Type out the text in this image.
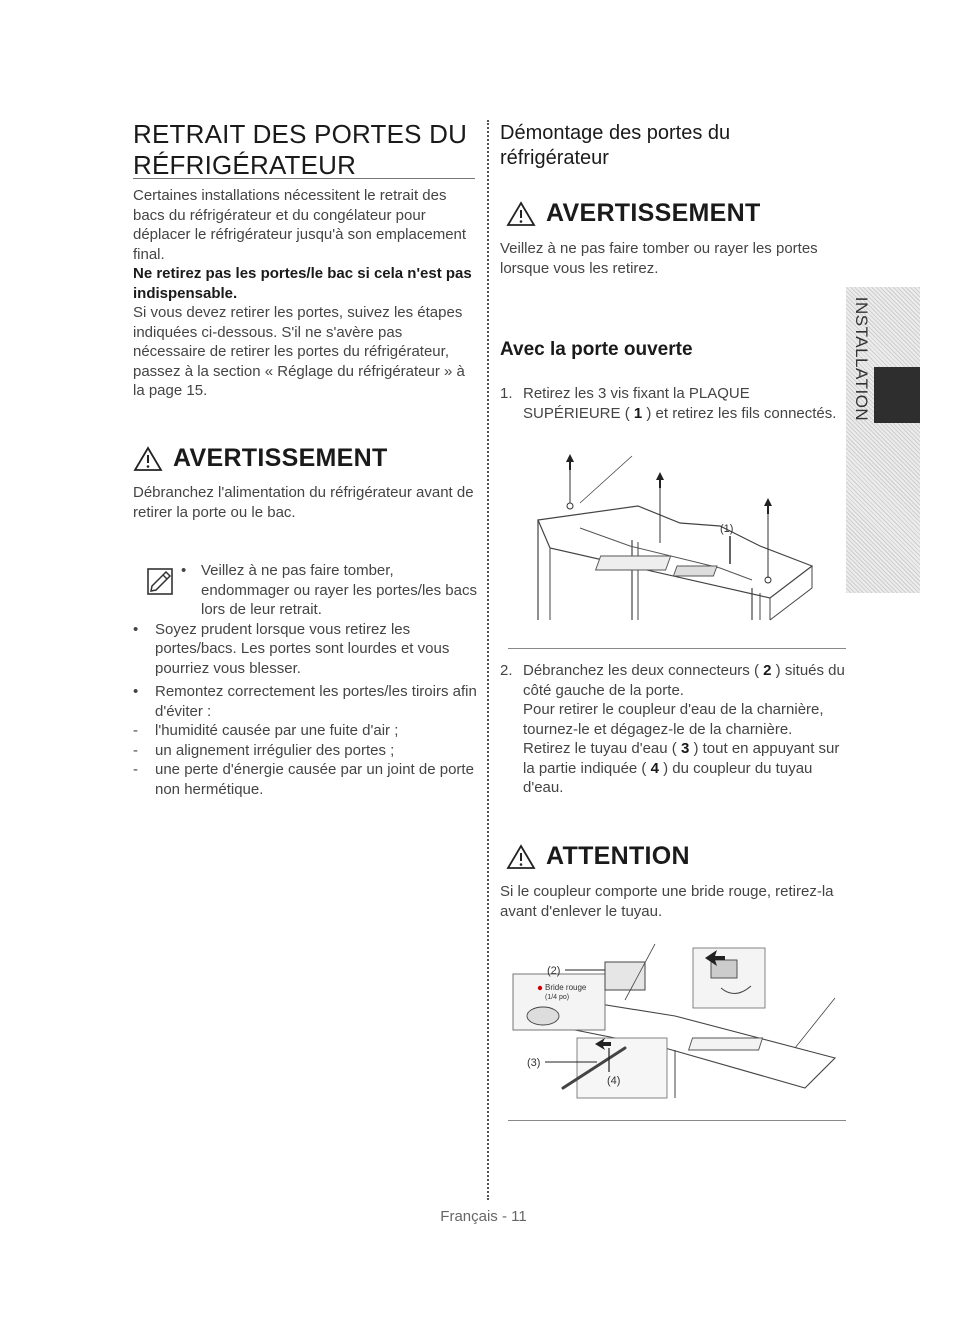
RETRAIT DES PORTES DU
RÉFRIGÉRATEUR

Certaines installations nécessitent le retrait des bacs du réfrigérateur et du congélateur pour déplacer le réfrigérateur jusqu'à son emplacement final.

Ne retirez pas les portes/le bac si cela n'est pas indispensable.

Si vous devez retirer les portes, suivez les étapes indiquées ci-dessous. S'il ne s'avère pas nécessaire de retirer les portes du réfrigérateur, passez à la section « Réglage du réfrigérateur » à la page 15.

AVERTISSEMENT

Débranchez l'alimentation du réfrigérateur avant de retirer la porte ou le bac.

• Veillez à ne pas faire tomber, endommager ou rayer les portes/les bacs lors de leur retrait.
•	Soyez prudent lorsque vous retirez les portes/bacs. Les portes sont lourdes et vous pourriez vous blesser.
•	Remontez correctement les portes/les tiroirs afin d'éviter :
-	l'humidité causée par une fuite d'air ;
-	un alignement irrégulier des portes ;
-	une perte d'énergie causée par un joint de porte non hermétique.
Démontage des portes du
réfrigérateur
AVERTISSEMENT

Veillez à ne pas faire tomber ou rayer les portes lorsque vous les retirez.

Avec la porte ouverte
1. Retirez les 3 vis fixant la PLAQUE SUPÉRIEURE ( 1 ) et retirez les fils connectés.
(1)
2. Débranchez les deux connecteurs ( 2 ) situés du côté gauche de la porte.
Pour retirer le coupleur d'eau de la charnière, tournez-le et dégagez-le de la charnière.
Retirez le tuyau d'eau ( 3 ) tout en appuyant sur la partie indiquée ( 4 ) du coupleur du tuyau d'eau.
ATTENTION

Si le coupleur comporte une bride rouge, retirez-la avant d'enlever le tuyau.

Bride rouge
(1/4 po)
(2)
(3)
(4)
INSTALLATION
Français - 11
